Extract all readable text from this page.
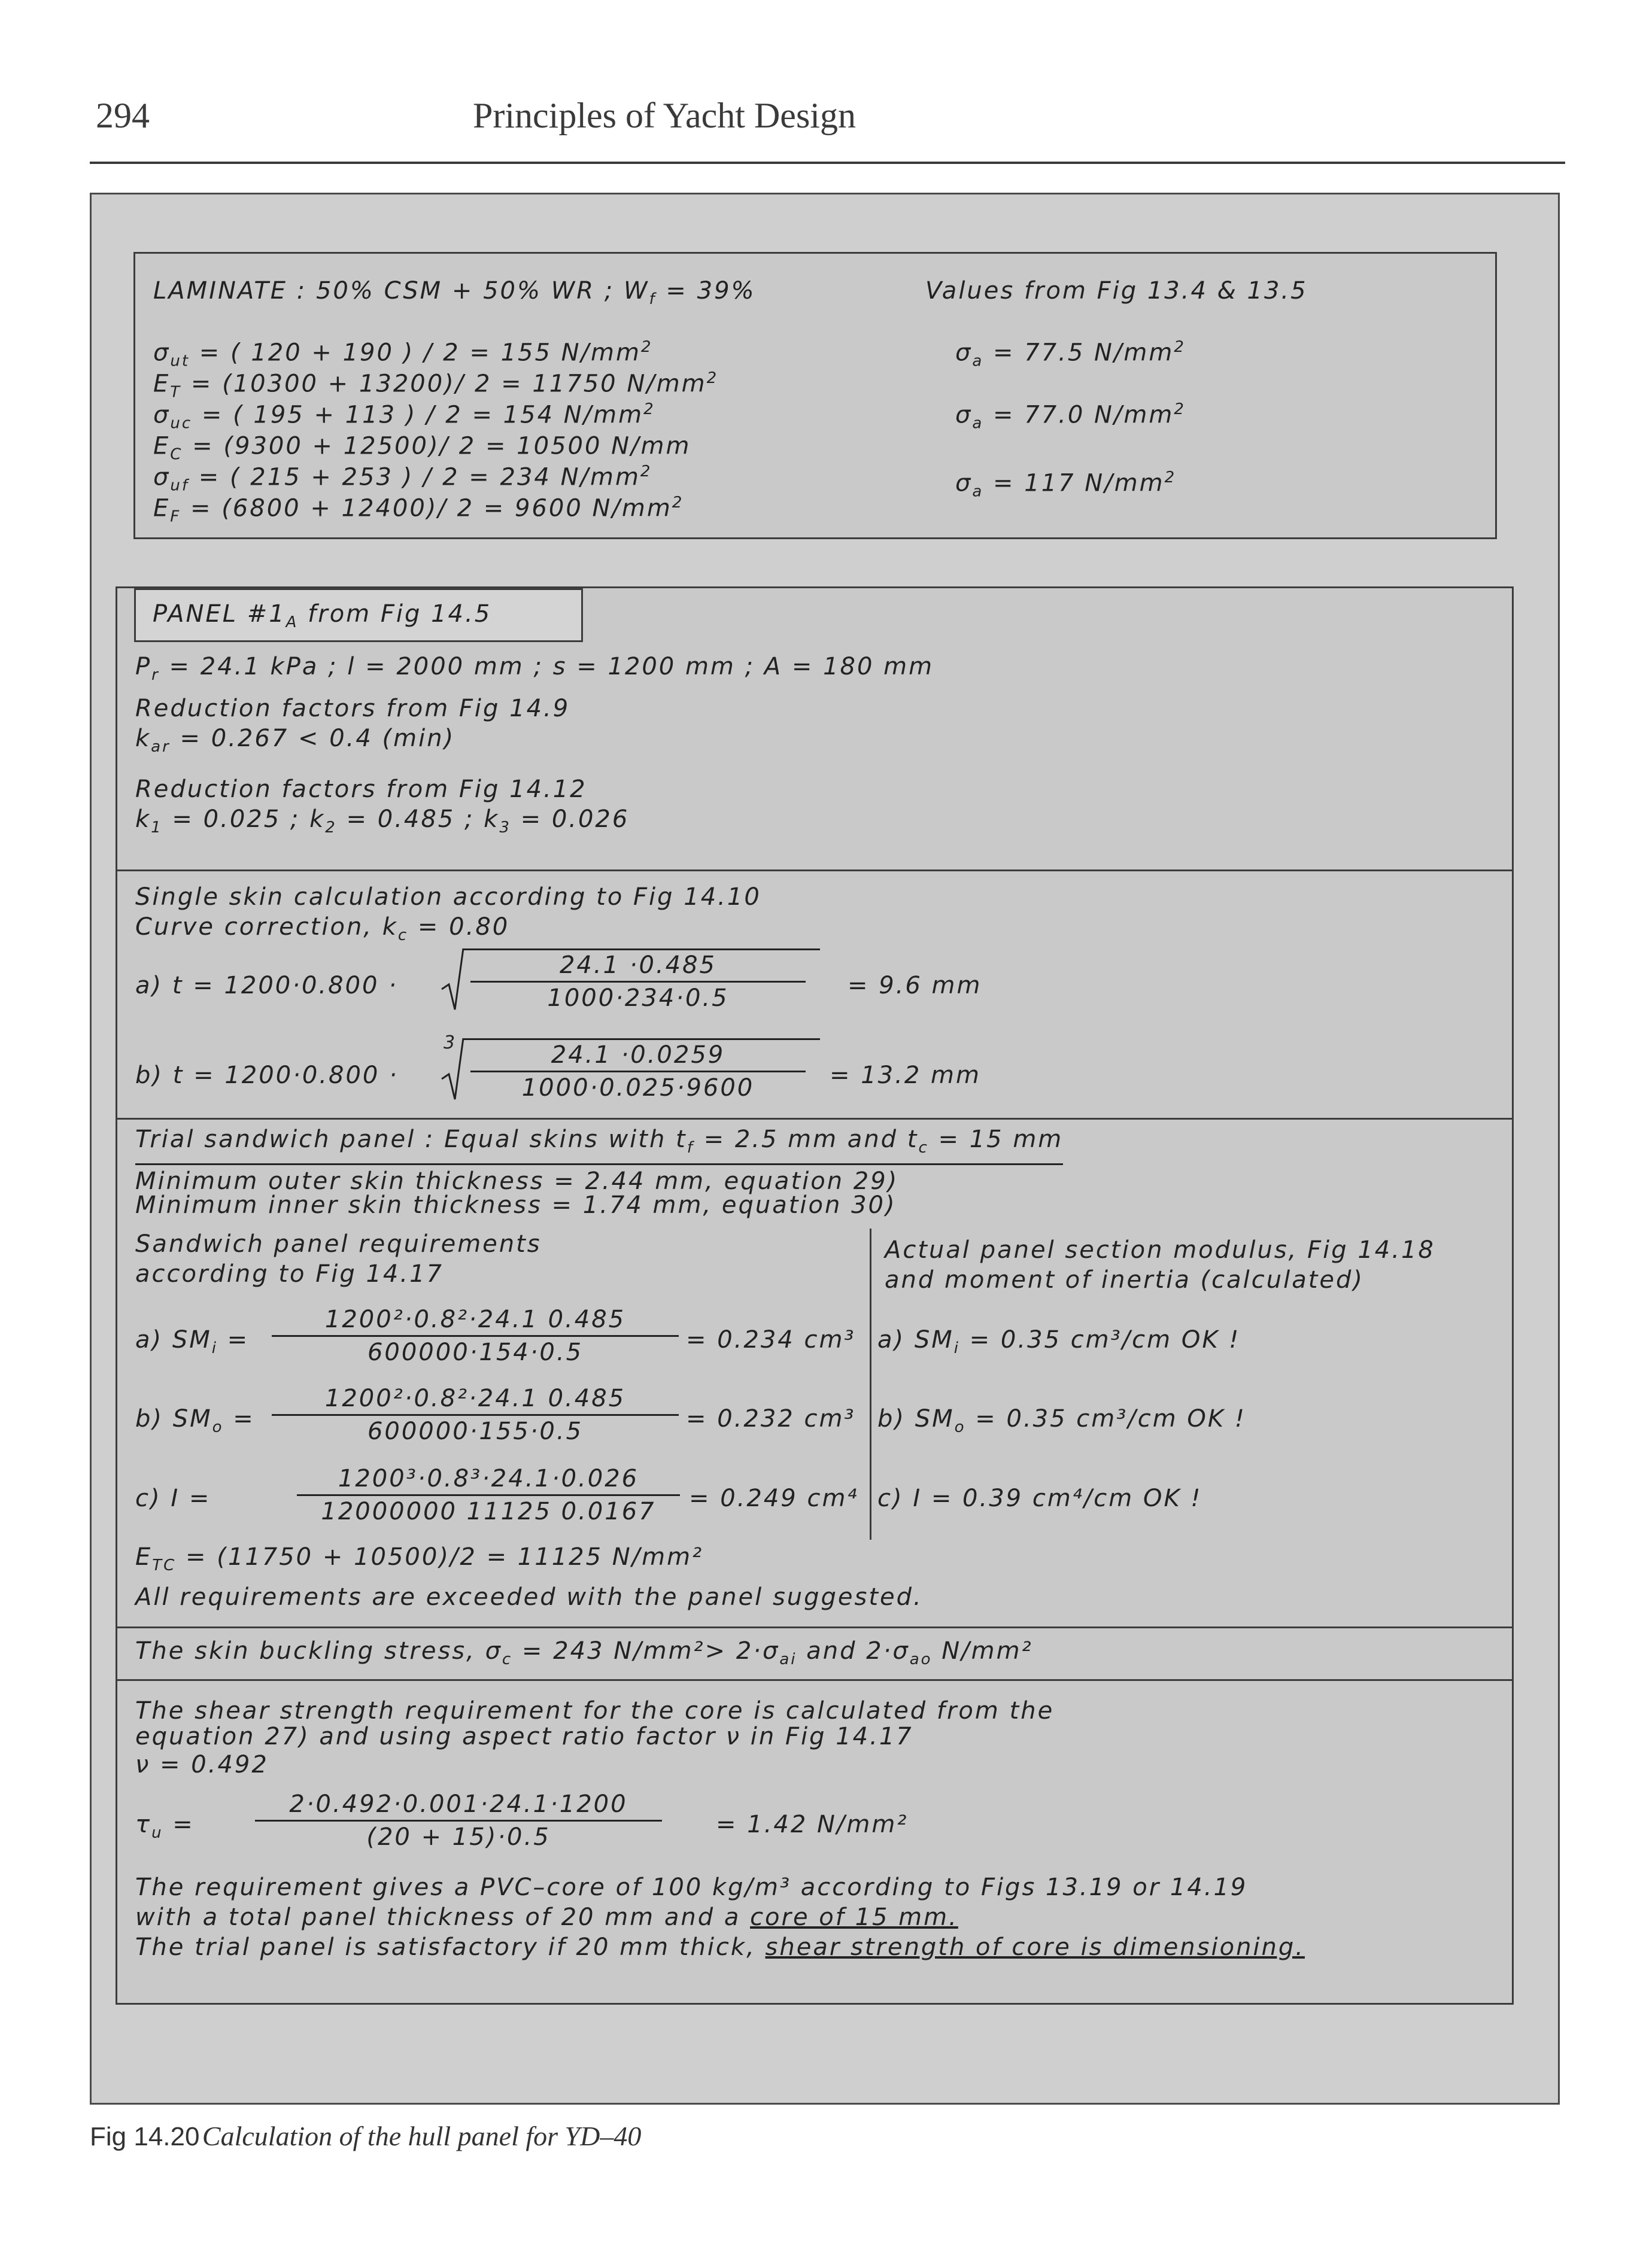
294	Principles of Yacht Design
LAMINATE : 50% CSM + 50% WR ; $W_f = 39\%$	Values from Fig 13.4 & 13.5
$\sigma_{ut}$ = ( 120 + 190 ) / 2 = 155 $N/mm^2$	$\sigma_a = 77.5$ $N/mm^2$
$E_T = (10300 + 13200)/$ 2 = 11750 $N/mm^2$
$\sigma_{uc}$ = ( 195 + 113 ) / 2 = 154 $N/mm^2$	$\sigma_a = 77.0$ $N/mm^2$
$E_C = (9300 + 12500)/$ 2 = 10500 N/mm
$\sigma_{uf}$ = ( 215 + 253 ) / 2 = 234 $N/mm^2$	$\sigma_a = 117$ $N/mm^2$
$E_F = (6800 + 12400)/$ 2 = 9600 $N/mm^2$
PANEL $\#1_A$ from Fig 14.5
$P_r = 24.1$ kPa ; l = 2000 mm ; s = 1200 mm ; A = 180 mm
Reduction factors from Fig 14.9
$k_{ar} = 0.267 < 0.4$ (min)
Reduction factors from Fig 14.12
$k_1 = 0.025$ ; $k_2 = 0.485$ ; $k_3 = 0.026$
Single skin calculation according to Fig 14.10
Curve correction, $k_c = 0.80$
a) t = 1200·0.800 ·	$\frac{24.1 \cdot 0.485}{1000\cdot 234\cdot 0.5} = 9.6$ mm
b) t = 1200·0.800 ·
$3 \frac{24.1 \cdot 0.0259}{1000\cdot 0.025\cdot 9600} = 13.2$ mm
Trial sandwich panel : Equal skins with $t_f = 2.5$ mm and $t_c = 15$ mm
Minimum outer skin thickness = 2.44 mm, equation 29)
Minimum inner skin thickness = 1.74 mm, equation 30)
Sandwich panel requirements
according to Fig 14.17
Actual panel section modulus, Fig 14.18
and moment of inertia (calculated)
a) $SM_i = \frac{\text{1200²·0.8²·24.1 0.485}}{600000\cdot 154\cdot 0.5} = 0.234$ cm³ a) $SM_i = 0.35$ cm³/cm OK !
b) $SM_o = \frac{\text{1200²·0.8²·24.1 0.485}}{600000\cdot 155\cdot 0.5} = 0.232$ cm³ b) $SM_o = 0.35$ cm³/cm OK !
c) I =	$\frac{\text{1200³·0.8³·24.1·0.026}}{12000000 11125 0.0167} = 0.249$ cm⁴ c) I = 0.39 cm⁴/cm OK !
$E_{TC} = (11750 + 10500)/2 = 11125$ N/mm²
All requirements are exceeded with the panel suggested.
The skin buckling stress, $\sigma_c = 243$ $N/mm^2> 2\cdot\sigma_{ai}$ and $2\cdot\sigma_{ao}$ N/mm²
The shear strength requirement for the core is calculated from the
equation 27) and using aspect ratio factor ν in Fig 14.17
ν = 0.492
$\tau_u$ =	$\frac{2\cdot 0.492\cdot 0.001\cdot 24.1\cdot 1200}{(20 + 15)\cdot 0.5} = 1.42$ N/mm²
The requirement gives a PVC–core of 100 kg/m³ according to Figs 13.19 or 14.19
with a total panel thickness of 20 mm and a core of 15 mm.
The trial panel is satisfactory if 20 mm thick, shear strength of core is dimensioning.
Fig 14.20 Calculation of the hull panel for YD–40
